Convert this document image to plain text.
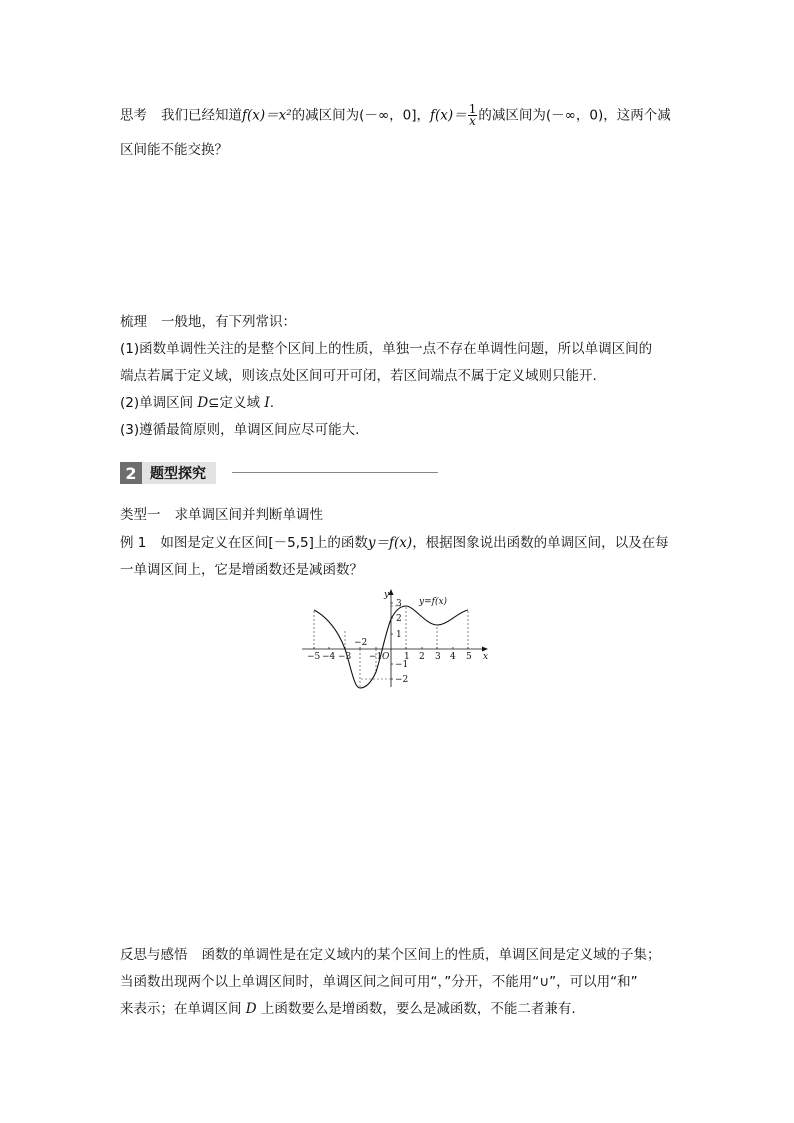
思考 我们已经知道f(x)＝x²的减区间为(－∞，0]，$f(x)= \frac{1}{x}$ 的减区间为(－∞，0)，这两个减
区间能不能交换？
梳理 一般地，有下列常识：
(1)函数单调性关注的是整个区间上的性质，单独一点不存在单调性问题，所以单调区间的
端点若属于定义域，则该点处区间可开可闭，若区间端点不属于定义域则只能开.
(2)单调区间 D⊆定义域 I.
(3)遵循最简原则，单调区间应尽可能大.
2 题型探究
类型一 求单调区间并判断单调性
例 1 如图是定义在区间[－5,5]上的函数y＝f(x)，根据图象说出函数的单调区间，以及在每
一单调区间上，它是增函数还是减函数？
y
x
O
y=f(x)
−5 −4 −3 −1 1 2 3 4 5
−2
3
2
1
−1
−2
反思与感悟 函数的单调性是在定义域内的某个区间上的性质，单调区间是定义域的子集；
当函数出现两个以上单调区间时，单调区间之间可用“，”分开，不能用“∪”，可以用“和”
来表示；在单调区间 D 上函数要么是增函数，要么是减函数，不能二者兼有.
